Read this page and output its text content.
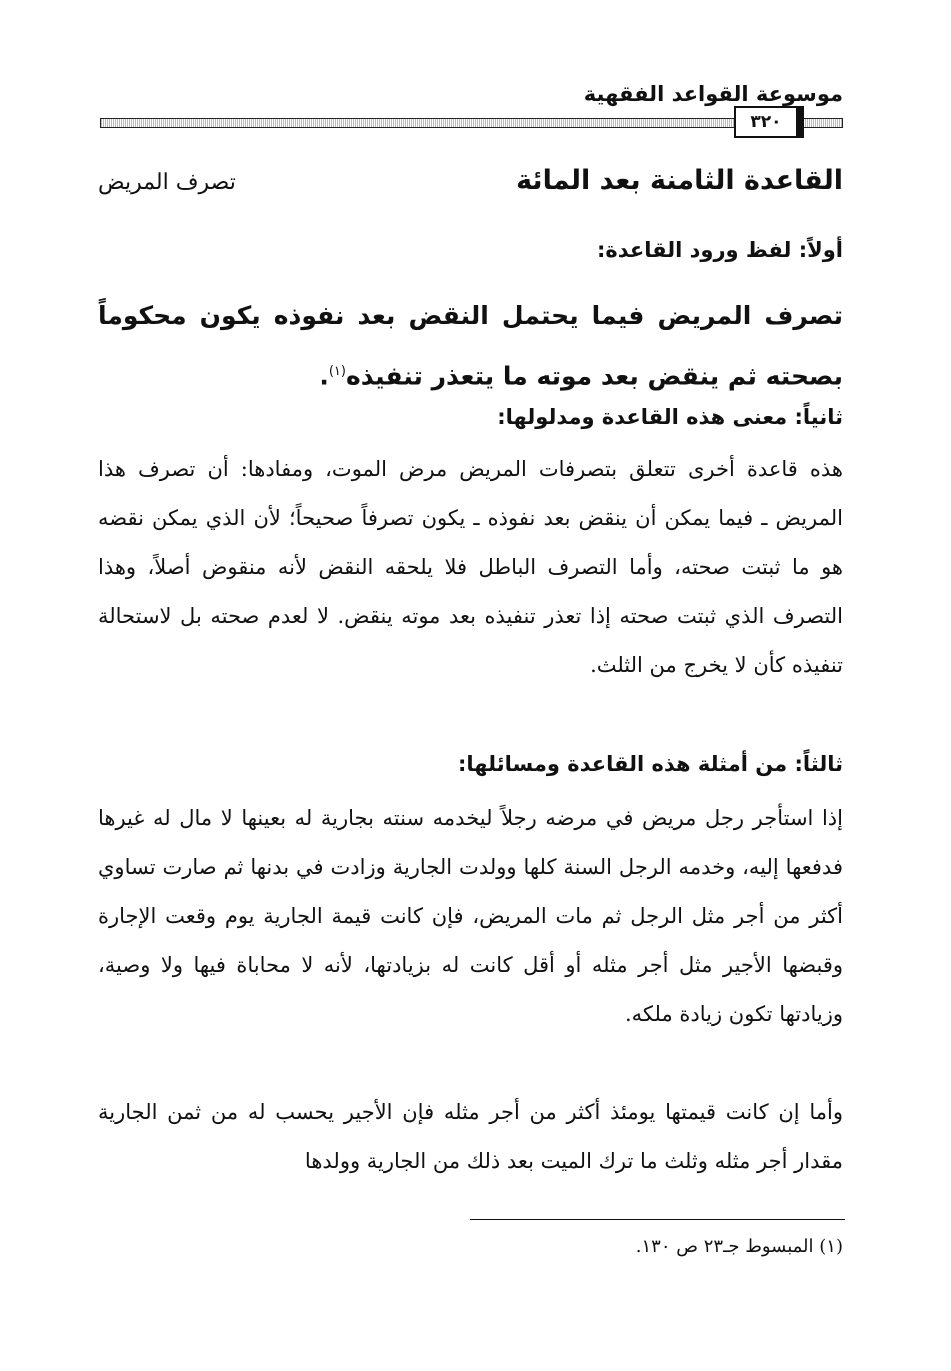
موسوعة القواعد الفقهية
٣٢٠
القاعدة الثامنة بعد المائة
تصرف المريض
أولاً: لفظ ورود القاعدة:
تصرف المريض فيما يحتمل النقض بعد نفوذه يكون محكوماً بصحته ثم ينقض بعد موته ما يتعذر تنفيذه$^{(١)}$.
ثانياً: معنى هذه القاعدة ومدلولها:
هذه قاعدة أخرى تتعلق بتصرفات المريض مرض الموت، ومفادها: أن تصرف هذا المريض ـ فيما يمكن أن ينقض بعد نفوذه ـ يكون تصرفاً صحيحاً؛ لأن الذي يمكن نقضه هو ما ثبتت صحته، وأما التصرف الباطل فلا يلحقه النقض لأنه منقوض أصلاً، وهذا التصرف الذي ثبتت صحته إذا تعذر تنفيذه بعد موته ينقض. لا لعدم صحته بل لاستحالة تنفيذه كأن لا يخرج من الثلث.
ثالثاً: من أمثلة هذه القاعدة ومسائلها:
إذا استأجر رجل مريض في مرضه رجلاً ليخدمه سنته بجارية له بعينها لا مال له غيرها فدفعها إليه، وخدمه الرجل السنة كلها وولدت الجارية وزادت في بدنها ثم صارت تساوي أكثر من أجر مثل الرجل ثم مات المريض، فإن كانت قيمة الجارية يوم وقعت الإجارة وقبضها الأجير مثل أجر مثله أو أقل كانت له بزيادتها، لأنه لا محاباة فيها ولا وصية، وزيادتها تكون زيادة ملكه.
وأما إن كانت قيمتها يومئذ أكثر من أجر مثله فإن الأجير يحسب له من ثمن الجارية مقدار أجر مثله وثلث ما ترك الميت بعد ذلك من الجارية وولدها
(١) المبسوط جـ٢٣ ص ١٣٠.
